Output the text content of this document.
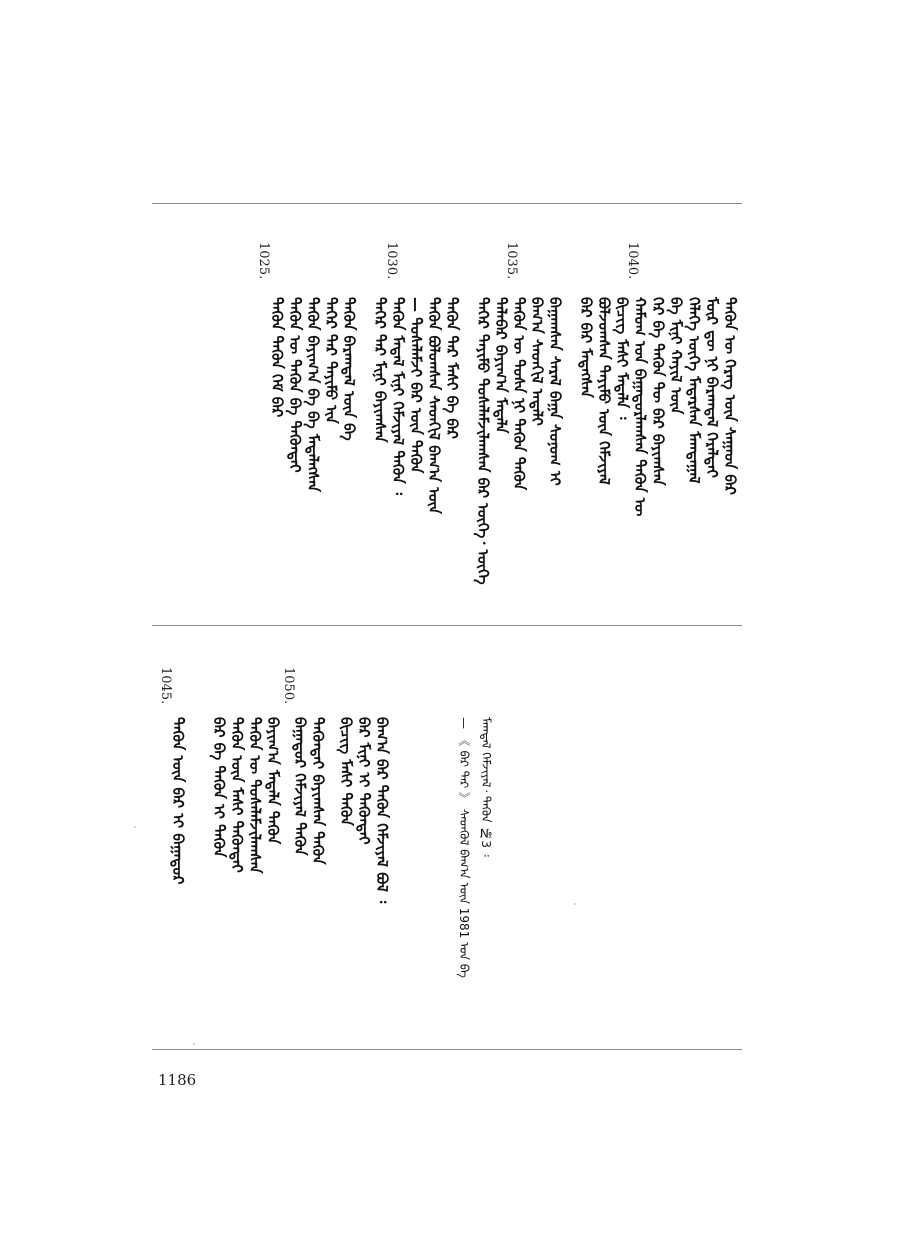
ᠲᠡᠭᠦᠨ ᠦ ᠬᠡᠷᠡᠭ ᠦᠨ ᠰᠠᠭᠠᠳ ᠪᠠᠷ
ᠮᠦᠷ ᠳᠦ ᠨᠢ ᠪᠠᠷᠠᠭᠳᠠᠯ ᠭᠡᠷᠡᠯᠲᠡᠢ
ᠬᠡᠯᠡᠭᠡ ᠦᠭᠡ ᠮᠠᠲᠠᠷᠰᠡᠨ ᠮᠠᠭᠲᠠᠭᠠᠯ
ᠪᠡ ᠮᠢᠨᠢ ᠬᠠᠶᠢᠯ ᠦᠨ
ᠬᠡᠷ ᠪᠡ ᠲᠡᠭᠦᠨ ᠲᠦ ᠪᠡᠷ ᠪᠠᠶᠢᠭᠰᠠᠨ
ᠬᠠᠮᠤᠭ ᠤᠨ ᠪᠠᠭᠠᠳᠤᠷᠯᠠᠭᠰᠠᠨ ᠲᠡᠭᠦᠨ ᠦ
ᠪᠢᠴᠢᠭ ᠮᠠᠰᠢ ᠮᠡᠳᠡᠯᠡ ᠄
ᠪᠤᠯᠵᠤᠭᠰᠠᠨ ᠲᠡᠶᠢᠮᠦ ᠦᠨ ᠬᠡᠮᠵᠢᠶᠡᠯ
ᠪᠠᠷ ᠪᠠᠷ ᠮᠡᠳᠡᠭᠰᠡᠨ
ᠪᠠᠭᠠᠭᠰᠠᠨ ᠰᠡᠷᠡᠯ ᠪᠠᠭᠠ ᠰᠤᠨᠤᠭ ᠢ
ᠪᠠᠭ᠎ᠠ ᠰᠡᠳᠬᠢᠯ ᠠᠳᠠᠯᠢ
ᠲᠡᠭᠦᠨ ᠦ ᠲᠤᠰᠠ ᠨᠢ ᠲᠡᠭᠦᠨ ᠲᠡᠭᠦᠨ
ᠲᠠᠯᠠᠪᠠᠷ ᠪᠠᠶᠢᠭ᠎ᠠ ᠮᠡᠳᠡᠯᠡ
ᠲᠡᠭᠡᠷ ᠲᠡᠶᠢᠮᠦ ᠲᠤᠰᠠᠯᠠᠮᠵᠢᠯᠠᠭᠰᠠᠨ ᠪᠡᠷ ᠦᠭᠡ᠂ ᠦᠭᠡ
ᠲᠡᠭᠦᠨ ᠲᠡᠷ ᠮᠠᠰᠢ ᠪᠡ ᠪᠠᠷ
ᠲᠡᠭᠦᠨ ᠪᠤᠯᠤᠭᠰᠠᠨ ᠰᠡᠳᠬᠢᠯ ᠪᠠᠭ᠎ᠠ ᠦᠨ
— ᠲᠤᠰᠠᠯᠠᠮᠵᠢ ᠪᠡᠷ ᠦᠨ ᠲᠡᠭᠦᠨ
ᠲᠡᠭᠦᠨ ᠮᠡᠳᠡᠯ ᠮᠢᠨᠢ ᠬᠡᠮᠵᠢᠶᠡᠯ ᠲᠡᠭᠦᠨ ᠄
ᠲᠡᠭᠡᠷ ᠲᠡᠷ ᠮᠢᠨᠢ ᠪᠠᠶᠢᠭᠰᠠᠨ
ᠲᠡᠭᠦᠨ ᠪᠠᠷᠠᠭᠳᠠᠯ ᠦᠨ ᠪᠡ
ᠲᠡᠭᠡᠷ ᠲᠡᠷ ᠲᠡᠶᠢᠮᠦ ᠢᠨ
ᠲᠡᠭᠦᠨ ᠪᠠᠶᠢᠭ᠎ᠠ ᠪᠡ ᠪᠡ ᠮᠡᠳᠡᠯᠡᠭᠰᠡᠨ
ᠲᠡᠭᠦᠨ ᠦ ᠲᠡᠭᠦᠨ ᠪᠠ ᠲᠡᠭᠦᠨᠲᠡᠢ
ᠲᠡᠭᠦᠨ ᠲᠡᠭᠦᠨ ᠬᠡᠮ ᠪᠠᠷ
1040.
1035.
1030.
1025.
ᠮᠠᠭᠲᠠᠯ ᠬᠡᠮᠵᠢᠶᠡᠯ᠂ ᠲᠡᠭᠦᠨ №3 ᠄
— 《 ᠪᠠᠷ ᠲᠡᠷ 》 ᠰᠡᠳᠬᠦᠯ ᠪᠠᠭ᠎ᠠ ᠦᠨ 1981 ᠤᠨ ᠪᠡ
ᠪᠠᠭ᠎ᠠ ᠪᠠᠷ ᠲᠡᠭᠦᠨ ᠬᠡᠮᠵᠢᠶᠡᠯ ᠪᠤᠯ ᠄
ᠪᠡᠷ ᠮᠢᠨᠢ ᠢ ᠲᠡᠭᠦᠨᠲᠡᠢ
ᠪᠢᠴᠢᠭ ᠮᠠᠰᠢ ᠲᠡᠭᠦᠨ
ᠲᠡᠭᠦᠨᠲᠡᠢ ᠪᠠᠶᠢᠭᠰᠠᠨ ᠲᠡᠭᠦᠨ
ᠪᠠᠭᠠᠳᠤᠷ ᠬᠡᠮᠵᠢᠶᠡᠯ ᠲᠡᠭᠦᠨ
ᠪᠠᠶᠢᠭ᠎ᠠ ᠮᠡᠳᠡᠯᠡ ᠲᠡᠭᠦᠨ
ᠲᠡᠭᠦᠨ ᠦ ᠲᠤᠰᠠᠯᠠᠮᠵᠢᠯᠠᠭᠰᠠᠨ
ᠲᠡᠭᠦᠨ ᠦᠨ ᠮᠠᠰᠢ ᠲᠡᠭᠦᠨᠲᠡᠢ
ᠪᠡᠷ ᠪᠡ ᠲᠡᠭᠦᠨ ᠢ ᠲᠡᠭᠦᠨ
ᠲᠡᠭᠦᠨ ᠦᠨ ᠪᠠᠷ ᠢ ᠪᠠᠭᠠᠳᠤᠷ
1050.
1045.
1186
